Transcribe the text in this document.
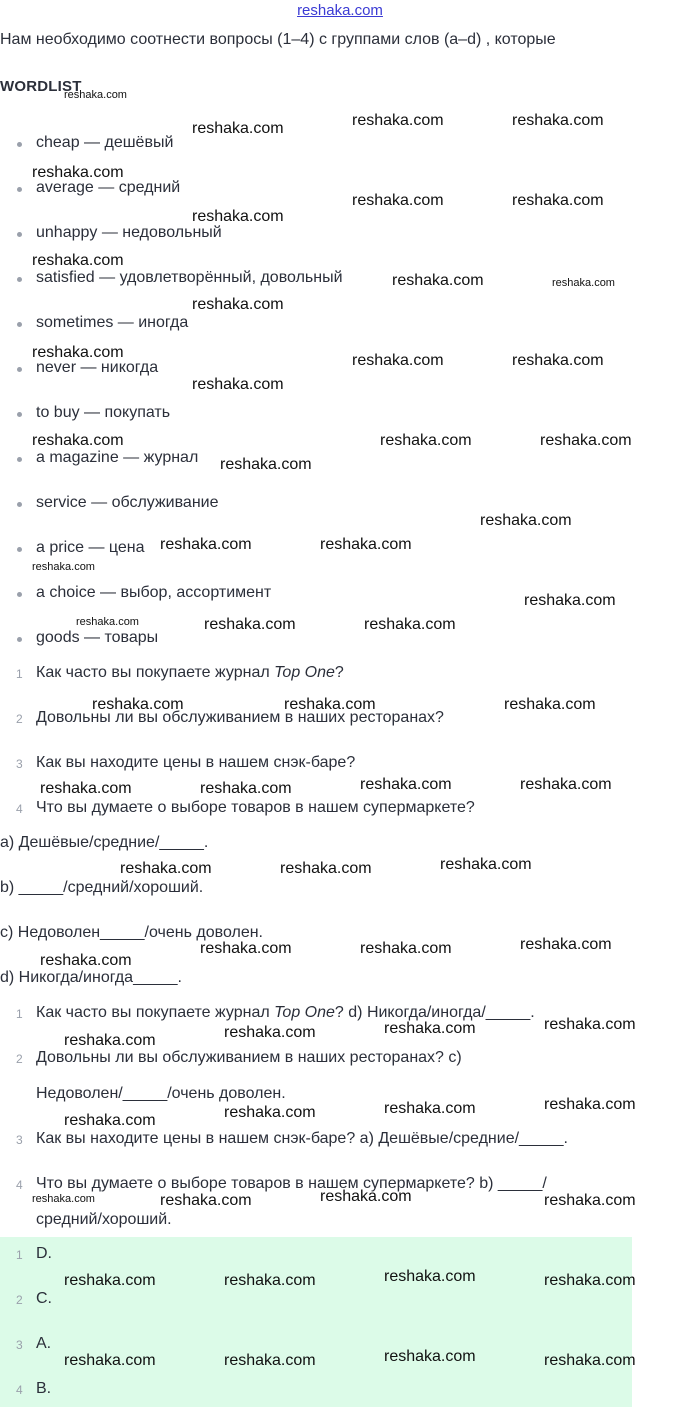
reshaka.com
Нам необходимо соотнести вопросы (1–4) с группами слов (a–d) , которые
WORDLIST
cheap — дешёвый
average — средний
unhappy — недовольный
satisfied — удовлетворённый, довольный
sometimes — иногда
never — никогда
to buy — покупать
a magazine — журнал
service — обслуживание
a price — цена
a choice — выбор, ассортимент
goods — товары
1 Как часто вы покупаете журнал Top One?
2 Довольны ли вы обслуживанием в наших ресторанах?
3 Как вы находите цены в нашем снэк-баре?
4 Что вы думаете о выборе товаров в нашем супермаркете?
a) Дешёвые/средние/_____.
b) _____/средний/хороший.
c) Недоволен_____/очень доволен.
d) Никогда/иногда_____.
1 Как часто вы покупаете журнал Top One? d) Никогда/иногда/_____.
2 Довольны ли вы обслуживанием в наших ресторанах? c)
Недоволен/_____/очень доволен.
3 Как вы находите цены в нашем снэк-баре? a) Дешёвые/средние/_____.
4 Что вы думаете о выборе товаров в нашем супермаркете? b) _____/
средний/хороший.
1 D.
2 C.
3 A.
4 B.
reshaka.com
reshaka.com	reshaka.com	reshaka.com
reshaka.com
reshaka.com	reshaka.com
reshaka.com
reshaka.com
reshaka.com	reshaka.com
reshaka.com
reshaka.com	reshaka.com	reshaka.com
reshaka.com
reshaka.com	reshaka.com	reshaka.com
reshaka.com
reshaka.com
reshaka.com	reshaka.com
reshaka.com
reshaka.com
reshaka.com	reshaka.com	reshaka.com
reshaka.com	reshaka.com	reshaka.com
reshaka.com	reshaka.com	reshaka.com	reshaka.com
reshaka.com	reshaka.com	reshaka.com
reshaka.com	reshaka.com	reshaka.com
reshaka.com
reshaka.com	reshaka.com	reshaka.com
reshaka.com
reshaka.com	reshaka.com	reshaka.com
reshaka.com
reshaka.com	reshaka.com	reshaka.com	reshaka.com
reshaka.com	reshaka.com	reshaka.com	reshaka.com
reshaka.com	reshaka.com	reshaka.com	reshaka.com
